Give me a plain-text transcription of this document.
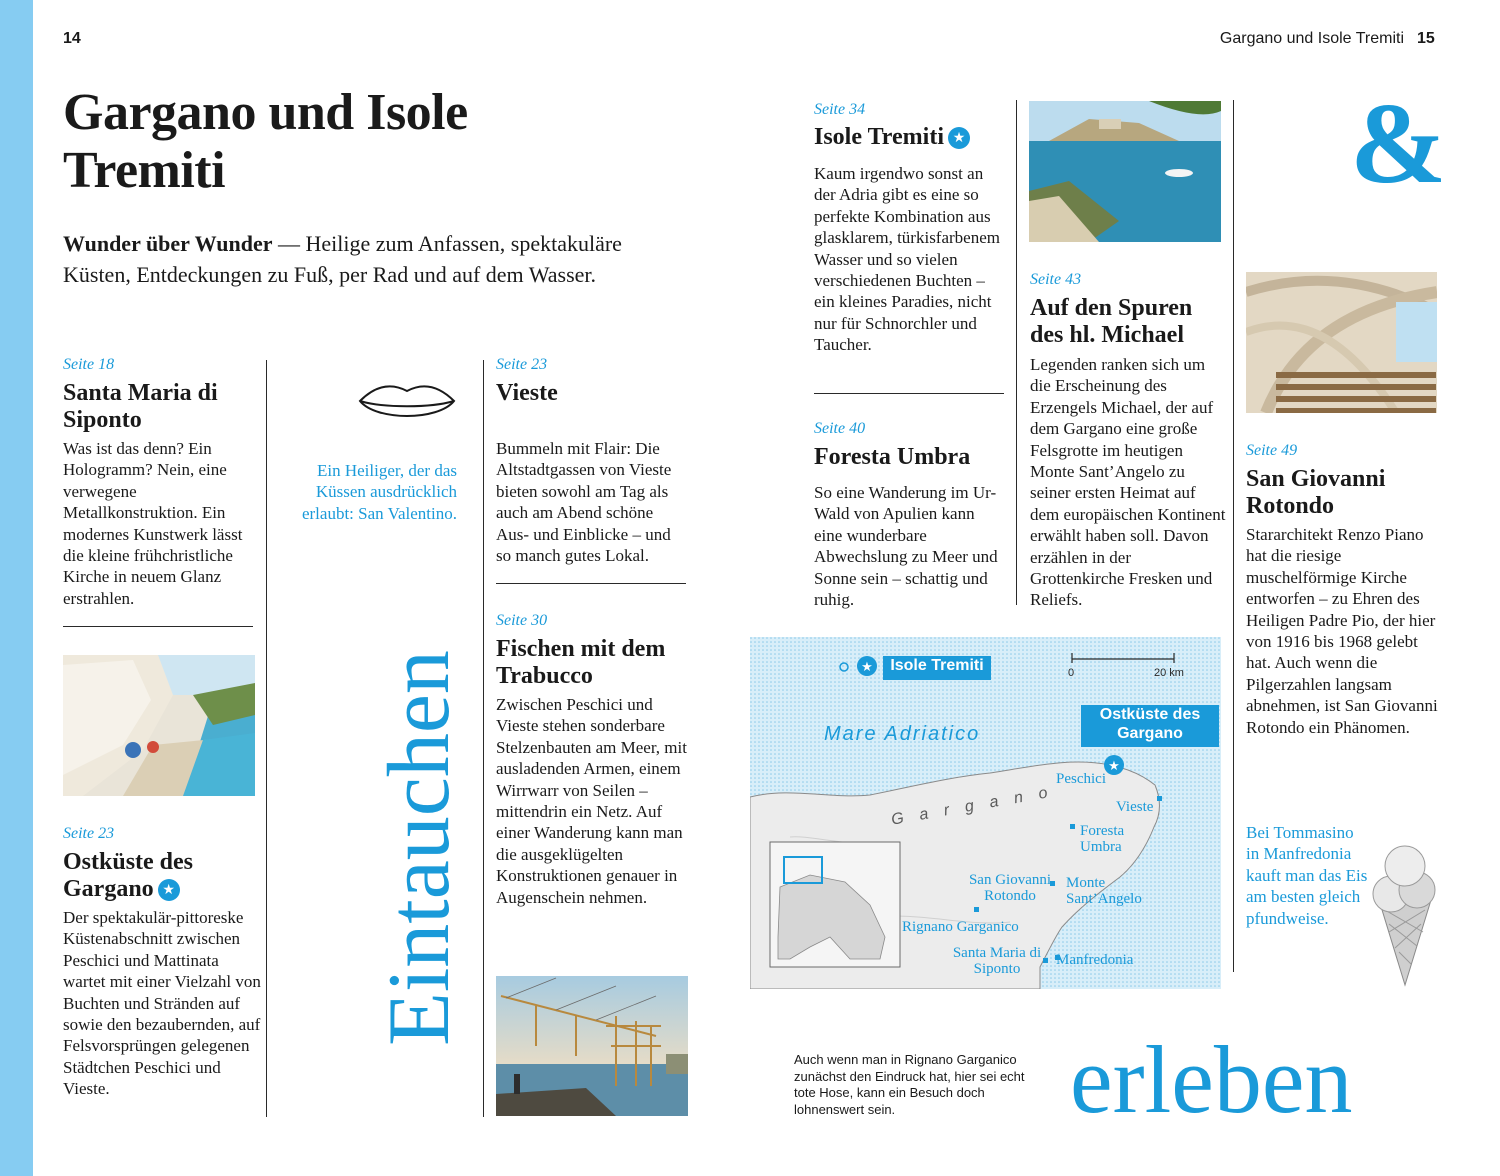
14	Gargano und Isole Tremiti 15
Gargano und Isole Tremiti
Wunder über Wunder — Heilige zum Anfassen, spektakuläre Küsten, Entdeckungen zu Fuß, per Rad und auf dem Wasser.
Seite 18
Santa Maria di Siponto
Was ist das denn? Ein Hologramm? Nein, eine verwegene Metallkonstruktion. Ein modernes Kunstwerk lässt die kleine frühchristliche Kirche in neuem Glanz erstrahlen.
Seite 23
Ostküste des Gargano ★
Der spektakulär-pittoreske Küstenabschnitt zwischen Peschici und Mattinata wartet mit einer Vielzahl von Buchten und Stränden auf sowie den bezaubernden, auf Felsvorsprüngen gelegenen Städtchen Peschici und Vieste.
Ein Heiliger, der das Küssen ausdrücklich erlaubt: San Valentino.
Eintauchen
Seite 23
Vieste
Bummeln mit Flair: Die Altstadtgassen von Vieste bieten sowohl am Tag als auch am Abend schöne Aus- und Einblicke – und so manch gutes Lokal.
Seite 30
Fischen mit dem Trabucco
Zwischen Peschici und Vieste stehen sonderbare Stelzenbauten am Meer, mit ausladenden Armen, einem Wirrwarr von Seilen – mittendrin ein Netz. Auf einer Wanderung kann man die ausgeklügelten Konstruktionen genauer in Augenschein nehmen.
Seite 34
Isole Tremiti ★
Kaum irgendwo sonst an der Adria gibt es eine so perfekte Kombination aus glasklarem, türkisfarbenem Wasser und so vielen verschiedenen Buchten – ein kleines Paradies, nicht nur für Schnorchler und Taucher.
Seite 40
Foresta Umbra
So eine Wanderung im Ur-Wald von Apulien kann eine wunderbare Abwechslung zu Meer und Sonne sein – schattig und ruhig.
Seite 43
Auf den Spuren des hl. Michael
Legenden ranken sich um die Erscheinung des Erzengels Michael, der auf dem Gargano eine große Felsgrotte im heutigen Monte Sant’Angelo zu seiner ersten Heimat auf dem europäischen Kontinent erwählt haben soll. Davon erzählen in der Grottenkirche Fresken und Reliefs.
&
Seite 49
San Giovanni Rotondo
Stararchitekt Renzo Piano hat die riesige muschelförmige Kirche entworfen – zu Ehren des Heiligen Padre Pio, der hier von 1916 bis 1968 gelebt hat. Auch wenn die Pilgerzahlen langsam abnehmen, ist San Giovanni Rotondo ein Phänomen.
Bei Tommasino in Manfredonia kauft man das Eis am besten gleich pfundweise.
★
★
Isole Tremiti	0	20 km
Mare Adriatico
Ostküste des Gargano
Gargano
Peschici
Vieste
Foresta Umbra
San Giovanni Rotondo
Monte Sant’Angelo
Rignano Garganico
Santa Maria di Siponto
Manfredonia
Auch wenn man in Rignano Garganico zunächst den Eindruck hat, hier sei echt tote Hose, kann ein Besuch doch lohnenswert sein.	erleben
